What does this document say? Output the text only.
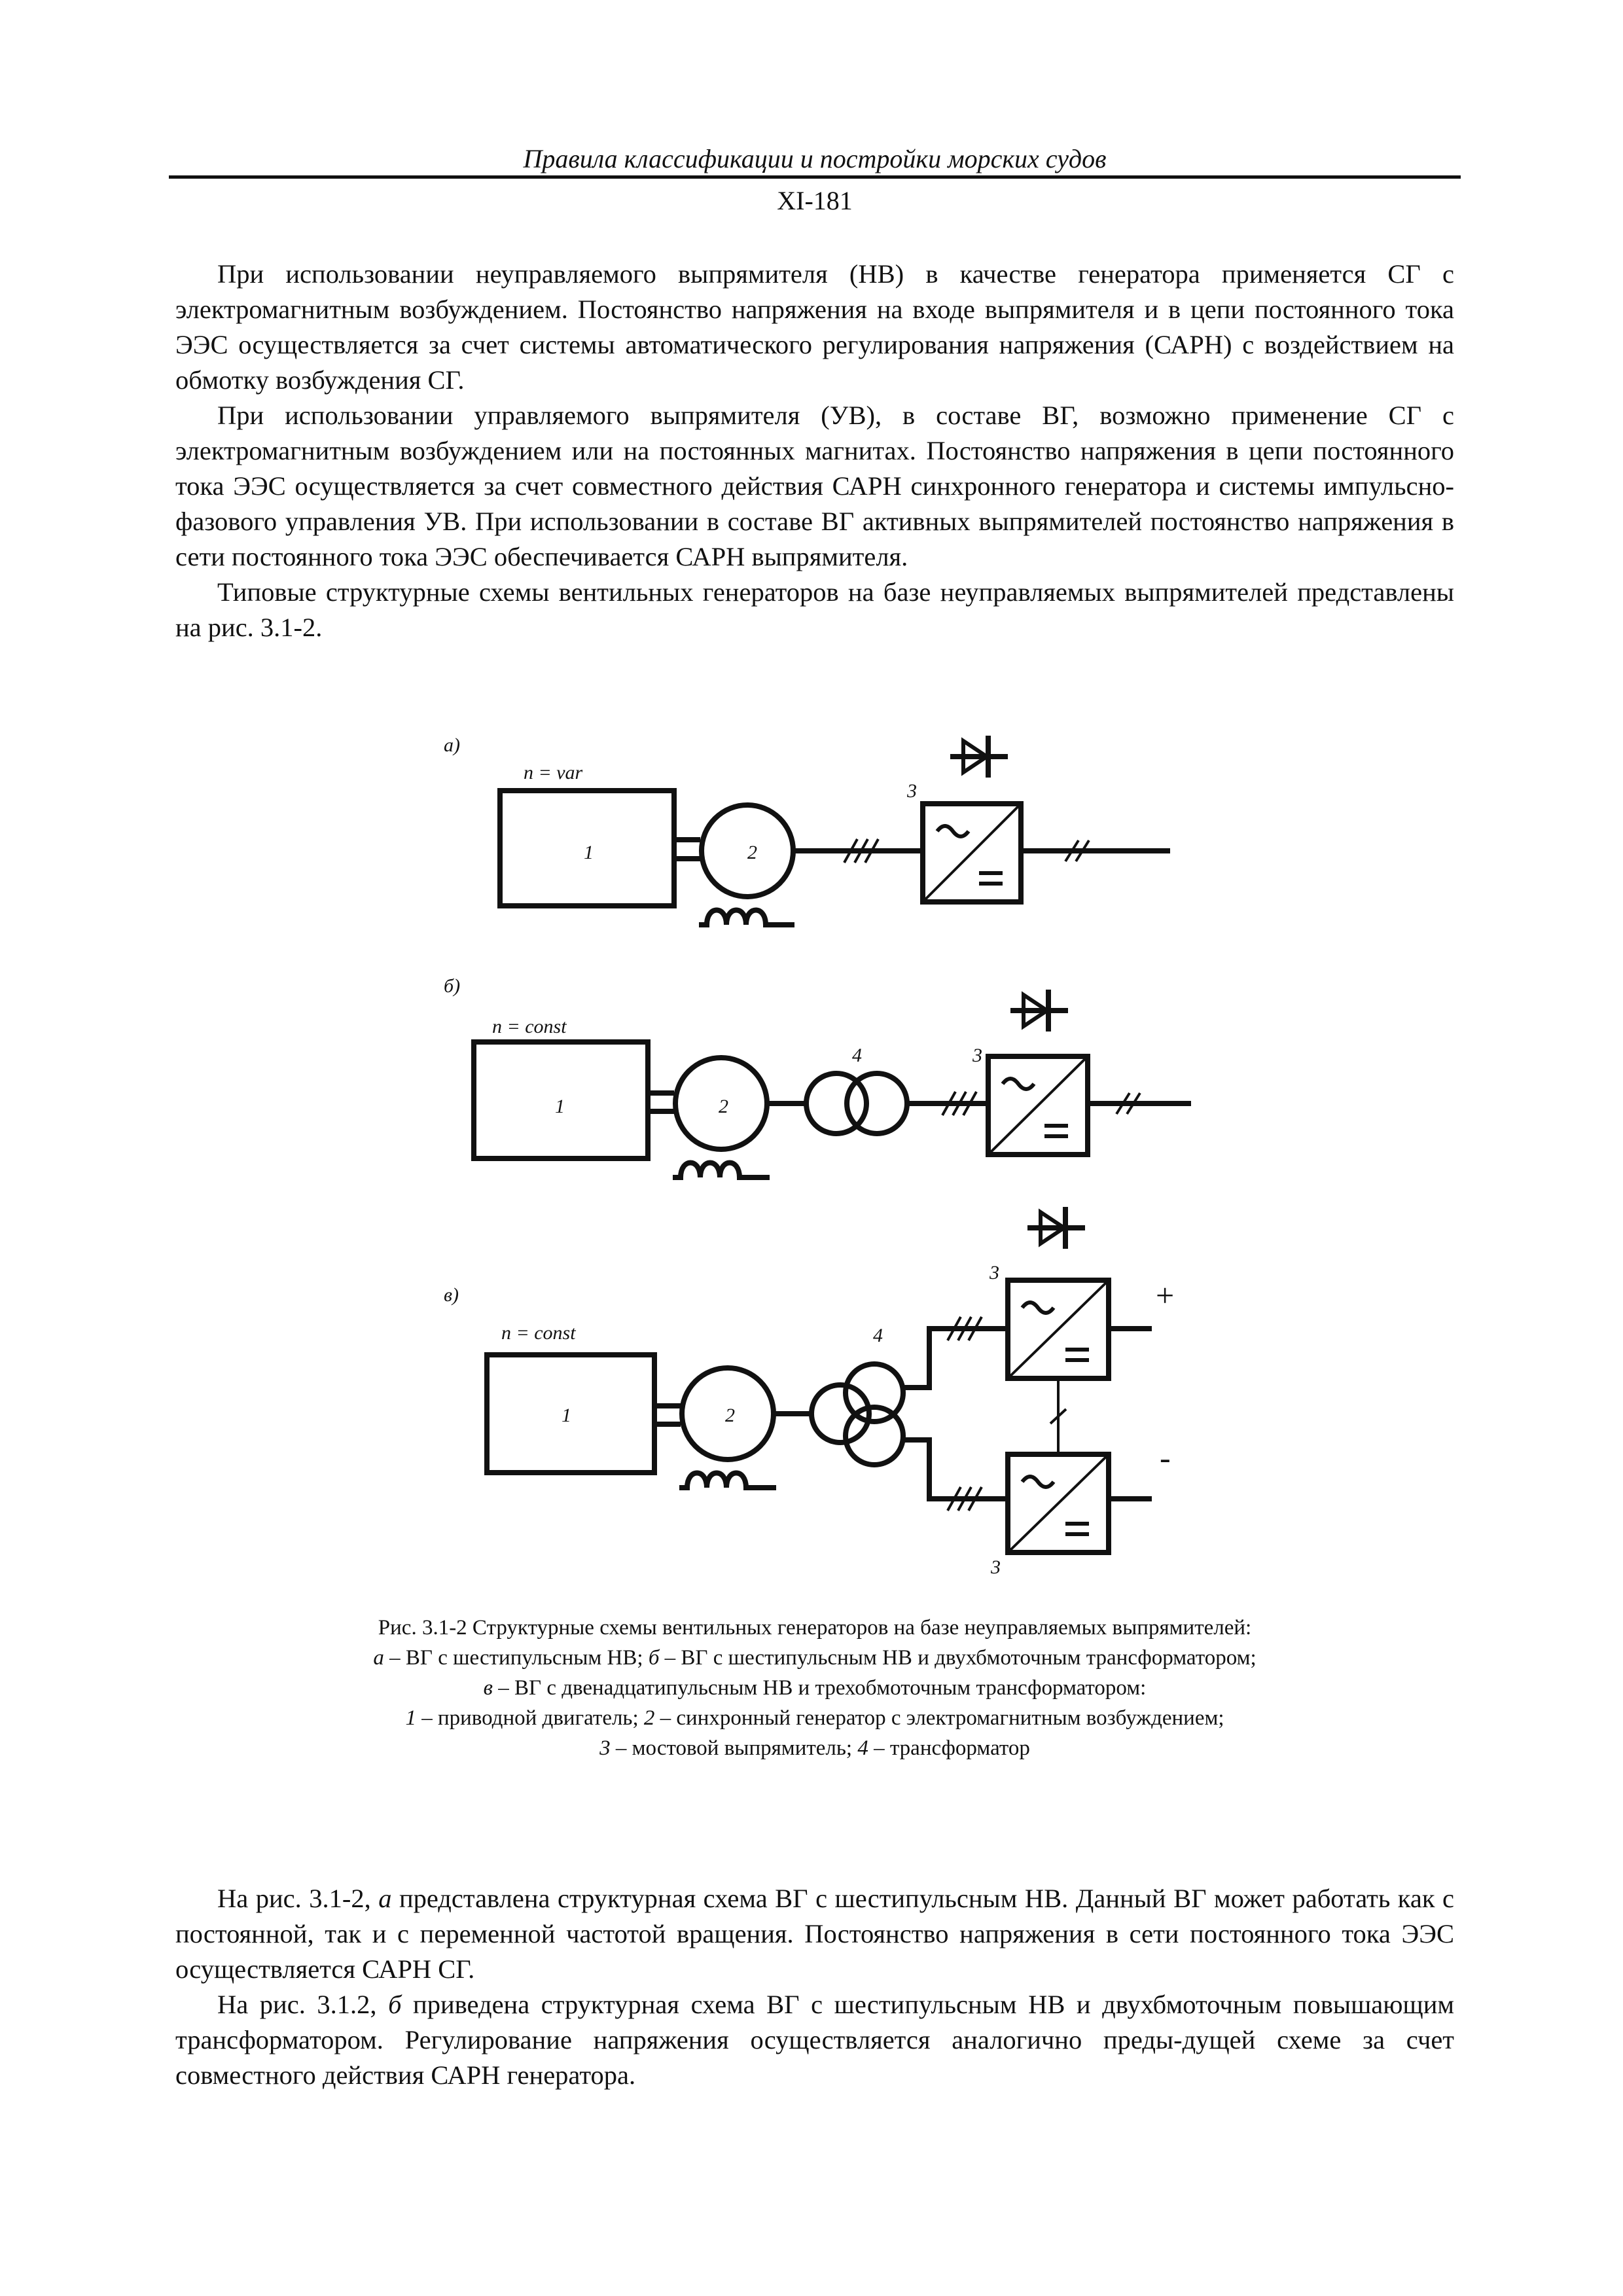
Правила классификации и постройки морских судов
XI-181

При использовании неуправляемого выпрямителя (НВ) в качестве генератора применяется СГ с электромагнитным возбуждением. Постоянство напряжения на входе выпрямителя и в цепи постоянного тока ЭЭС осуществляется за счет системы автоматического регулирования напряжения (САРН) с воздействием на обмотку возбуждения СГ.

При использовании управляемого выпрямителя (УВ), в составе ВГ, возможно применение СГ с электромагнитным возбуждением или на постоянных магнитах. Постоянство напряжения в цепи постоянного тока ЭЭС осуществляется за счет совместного действия САРН синхронного генератора и системы импульсно-фазового управления УВ. При использовании в составе ВГ активных выпрямителей постоянство напряжения в сети постоянного тока ЭЭС обеспечивается САРН выпрямителя.

Типовые структурные схемы вентильных генераторов на базе неуправляемых выпрямителей представлены на рис. 3.1-2.

а)
n = var
1	2
3
б)
n = const
1	2
4	3
в)
n = const
1	2
4
3
3
+
-
Рис. 3.1-2 Структурные схемы вентильных генераторов на базе неуправляемых выпрямителей:
а – ВГ с шестипульсным НВ; б – ВГ с шестипульсным НВ и двухбмоточным трансформатором;
в – ВГ с двенадцатипульсным НВ и трехобмоточным трансформатором:
1 – приводной двигатель; 2 – синхронный генератор с электромагнитным возбуждением;
3 – мостовой выпрямитель; 4 – трансформатор

На рис. 3.1-2, а представлена структурная схема ВГ с шестипульсным НВ. Данный ВГ может работать как с постоянной, так и с переменной частотой вращения. Постоянство напряжения в сети постоянного тока ЭЭС осуществляется САРН СГ.

На рис. 3.1.2, б приведена структурная схема ВГ с шестипульсным НВ и двухбмоточным повышающим трансформатором. Регулирование напряжения осуществляется аналогично преды-дущей схеме за счет совместного действия САРН генератора.
